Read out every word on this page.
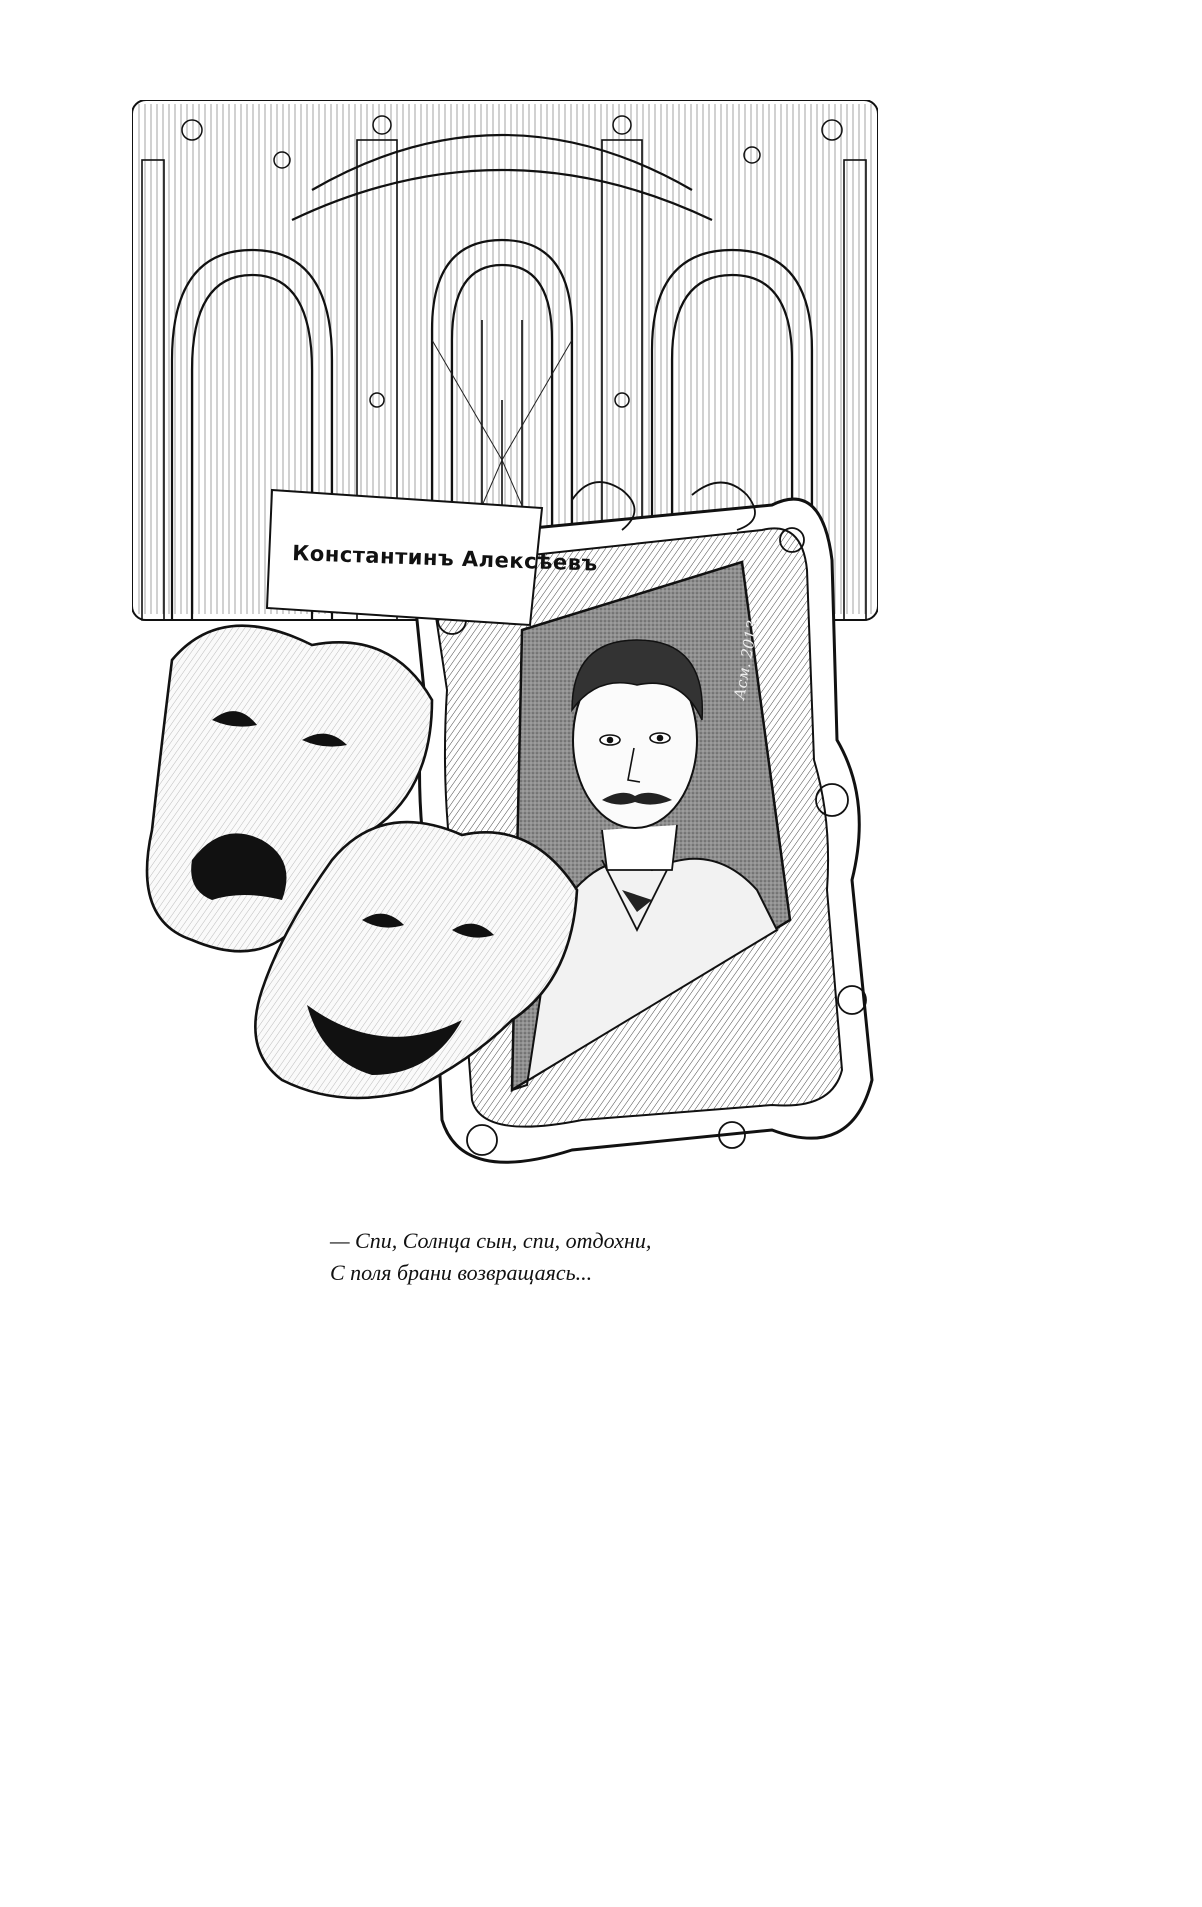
Асм. 2013.
Константинъ Алексѣевъ
— Спи, Солнца сын, спи, отдохни,
С поля брани возвращаясь...
